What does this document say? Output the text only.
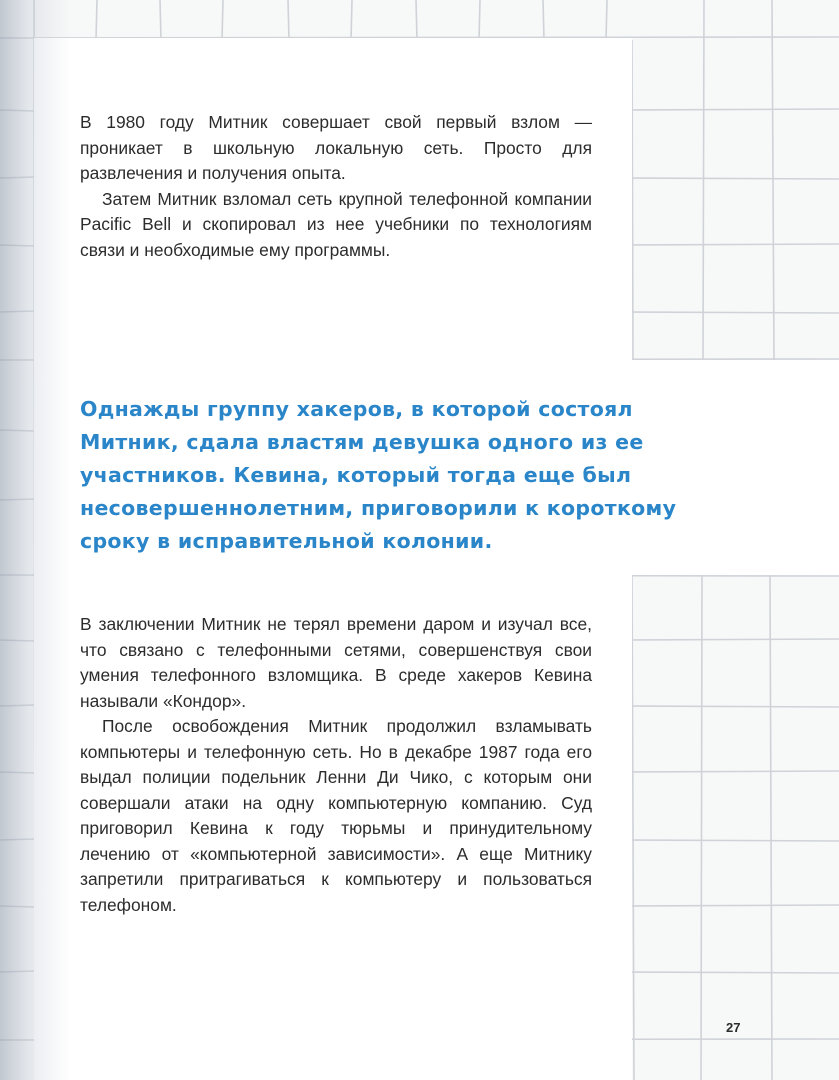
В 1980 году Митник совершает свой первый взлом — проникает в школьную локальную сеть. Просто для развлечения и получения опыта.

Затем Митник взломал сеть крупной телефонной компании Pacific Bell и скопировал из нее учебники по технологиям связи и необходимые ему программы.

Однажды группу хакеров, в которой состоял Митник, сдала властям девушка одного из ее участников. Кевина, который тогда еще был несовершеннолетним, приговорили к короткому сроку в исправительной колонии.

В заключении Митник не терял времени даром и изучал все, что связано с телефонными сетями, совершенствуя свои умения телефонного взломщика. В среде хакеров Кевина называли «Кондор».

После освобождения Митник продолжил взламывать компьютеры и телефонную сеть. Но в декабре 1987 года его выдал полиции подельник Ленни Ди Чико, с которым они совершали атаки на одну компьютерную компанию. Суд приговорил Кевина к году тюрьмы и принудительному лечению от «компьютерной зависимости». А еще Митнику запретили притрагиваться к компьютеру и пользоваться телефоном.

27
